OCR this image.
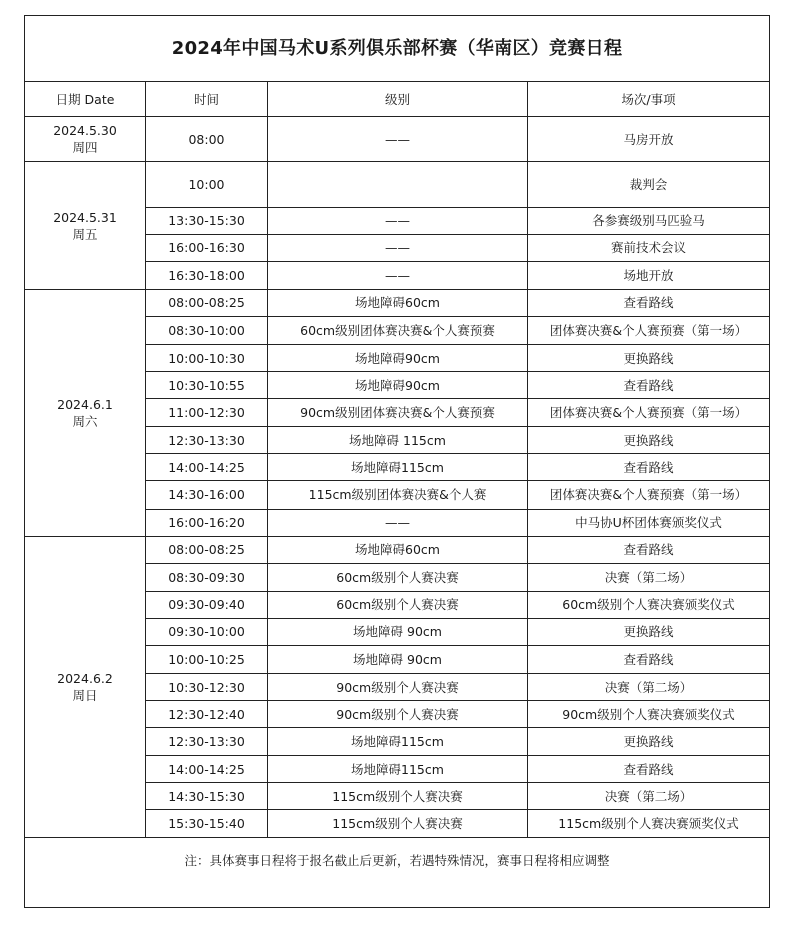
2024年中国马术U系列俱乐部杯赛（华南区）竞赛日程			
日期 Date	时间	级别	场次/事项

2024.5.30
周四	08:00	——	马房开放

2024.5.31
周五	10:00		裁判会
	13:30-15:30	——	各参赛级别马匹验马
	16:00-16:30	——	赛前技术会议
	16:30-18:00	——	场地开放

2024.6.1
周六	08:00-08:25	场地障碍60cm	查看路线
	08:30-10:00	60cm级别团体赛决赛&个人赛预赛	团体赛决赛&个人赛预赛（第一场）
	10:00-10:30	场地障碍90cm	更换路线
	10:30-10:55	场地障碍90cm	查看路线
	11:00-12:30	90cm级别团体赛决赛&个人赛预赛	团体赛决赛&个人赛预赛（第一场）
	12:30-13:30	场地障碍 115cm	更换路线
	14:00-14:25	场地障碍115cm	查看路线
	14:30-16:00	115cm级别团体赛决赛&个人赛	团体赛决赛&个人赛预赛（第一场）
	16:00-16:20	——	中马协U杯团体赛颁奖仪式

2024.6.2
周日	08:00-08:25	场地障碍60cm	查看路线
	08:30-09:30	60cm级别个人赛决赛	决赛（第二场）
	09:30-09:40	60cm级别个人赛决赛	60cm级别个人赛决赛颁奖仪式
	09:30-10:00	场地障碍 90cm	更换路线
	10:00-10:25	场地障碍 90cm	查看路线
	10:30-12:30	90cm级别个人赛决赛	决赛（第二场）
	12:30-12:40	90cm级别个人赛决赛	90cm级别个人赛决赛颁奖仪式
	12:30-13:30	场地障碍115cm	更换路线
	14:00-14:25	场地障碍115cm	查看路线
	14:30-15:30	115cm级别个人赛决赛	决赛（第二场）
	15:30-15:40	115cm级别个人赛决赛	115cm级别个人赛决赛颁奖仪式
注：具体赛事日程将于报名截止后更新，若遇特殊情况，赛事日程将相应调整			
